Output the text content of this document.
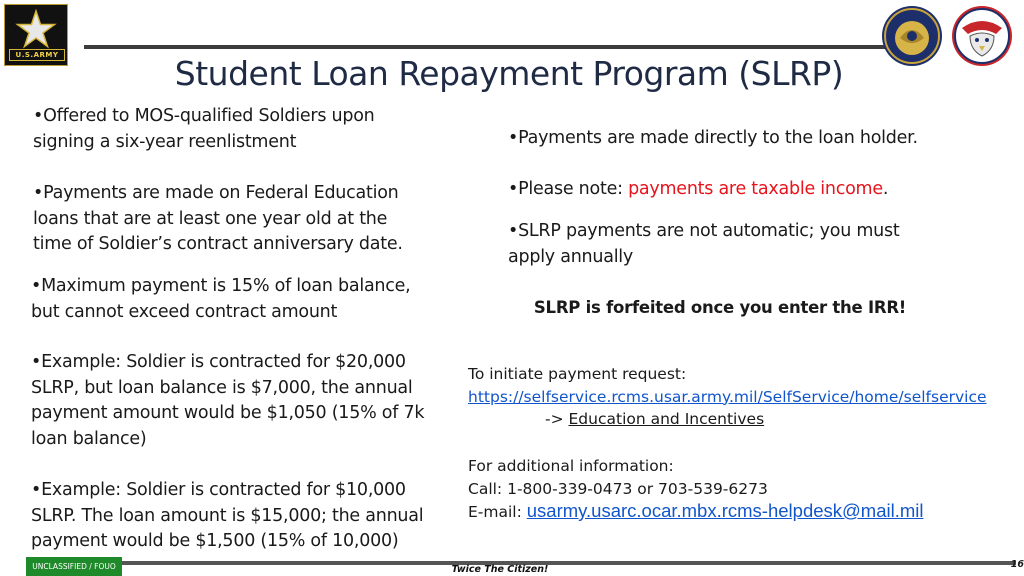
U.S.ARMY	Student Loan Repayment Program (SLRP)
•Offered to MOS-qualified Soldiers upon
signing a six-year reenlistment
•Payments are made on Federal Education
loans that are at least one year old at the
time of Soldier’s contract anniversary date.
•Maximum payment is 15% of loan balance,
but cannot exceed contract amount
•Example: Soldier is contracted for $20,000
SLRP, but loan balance is $7,000, the annual
payment amount would be $1,050 (15% of 7k
loan balance)
•Example: Soldier is contracted for $10,000
SLRP. The loan amount is $15,000; the annual
payment would be $1,500 (15% of 10,000)
•Payments are made directly to the loan holder.
•Please note: payments are taxable income.
•SLRP payments are not automatic; you must
apply annually
SLRP is forfeited once you enter the IRR!
To initiate payment request:
https://selfservice.rcms.usar.army.mil/SelfService/home/selfservice
-> Education and Incentives
For additional information:
Call: 1-800-339-0473 or 703-539-6273
E-mail: usarmy.usarc.ocar.mbx.rcms-helpdesk@mail.mil
UNCLASSIFIED / FOUO	Twice The Citizen!	16
